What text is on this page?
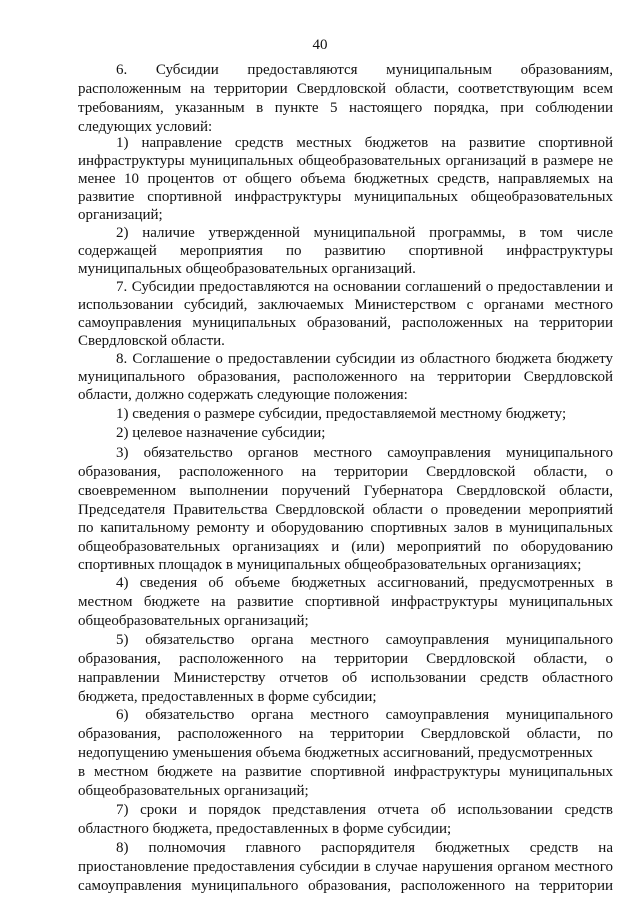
40
6. Субсидии предоставляются муниципальным образованиям,
расположенным на территории Свердловской области, соответствующим всем
требованиям, указанным в пункте 5 настоящего порядка, при соблюдении
следующих условий:
1) направление средств местных бюджетов на развитие спортивной
инфраструктуры муниципальных общеобразовательных организаций в размере не
менее 10 процентов от общего объема бюджетных средств, направляемых на
развитие спортивной инфраструктуры муниципальных общеобразовательных
организаций;
2) наличие утвержденной муниципальной программы, в том числе
содержащей мероприятия по развитию спортивной инфраструктуры
муниципальных общеобразовательных организаций.
7. Субсидии предоставляются на основании соглашений о предоставлении и
использовании субсидий, заключаемых Министерством с органами местного
самоуправления муниципальных образований, расположенных на территории
Свердловской области.
8. Соглашение о предоставлении субсидии из областного бюджета бюджету
муниципального образования, расположенного на территории Свердловской
области, должно содержать следующие положения:
1) сведения о размере субсидии, предоставляемой местному бюджету;
2) целевое назначение субсидии;
3) обязательство органов местного самоуправления муниципального
образования, расположенного на территории Свердловской области, о
своевременном выполнении поручений Губернатора Свердловской области,
Председателя Правительства Свердловской области о проведении мероприятий
по капитальному ремонту и оборудованию спортивных залов в муниципальных
общеобразовательных организациях и (или) мероприятий по оборудованию
спортивных площадок в муниципальных общеобразовательных организациях;
4) сведения об объеме бюджетных ассигнований, предусмотренных в
местном бюджете на развитие спортивной инфраструктуры муниципальных
общеобразовательных организаций;
5) обязательство органа местного самоуправления муниципального
образования, расположенного на территории Свердловской области, о
направлении Министерству отчетов об использовании средств областного
бюджета, предоставленных в форме субсидии;
6) обязательство органа местного самоуправления муниципального
образования, расположенного на территории Свердловской области, по
недопущению уменьшения объема бюджетных ассигнований, предусмотренных
в местном бюджете на развитие спортивной инфраструктуры муниципальных
общеобразовательных организаций;
7) сроки и порядок представления отчета об использовании средств
областного бюджета, предоставленных в форме субсидии;
8) полномочия главного распорядителя бюджетных средств на
приостановление предоставления субсидии в случае нарушения органом местного
самоуправления муниципального образования, расположенного на территории
